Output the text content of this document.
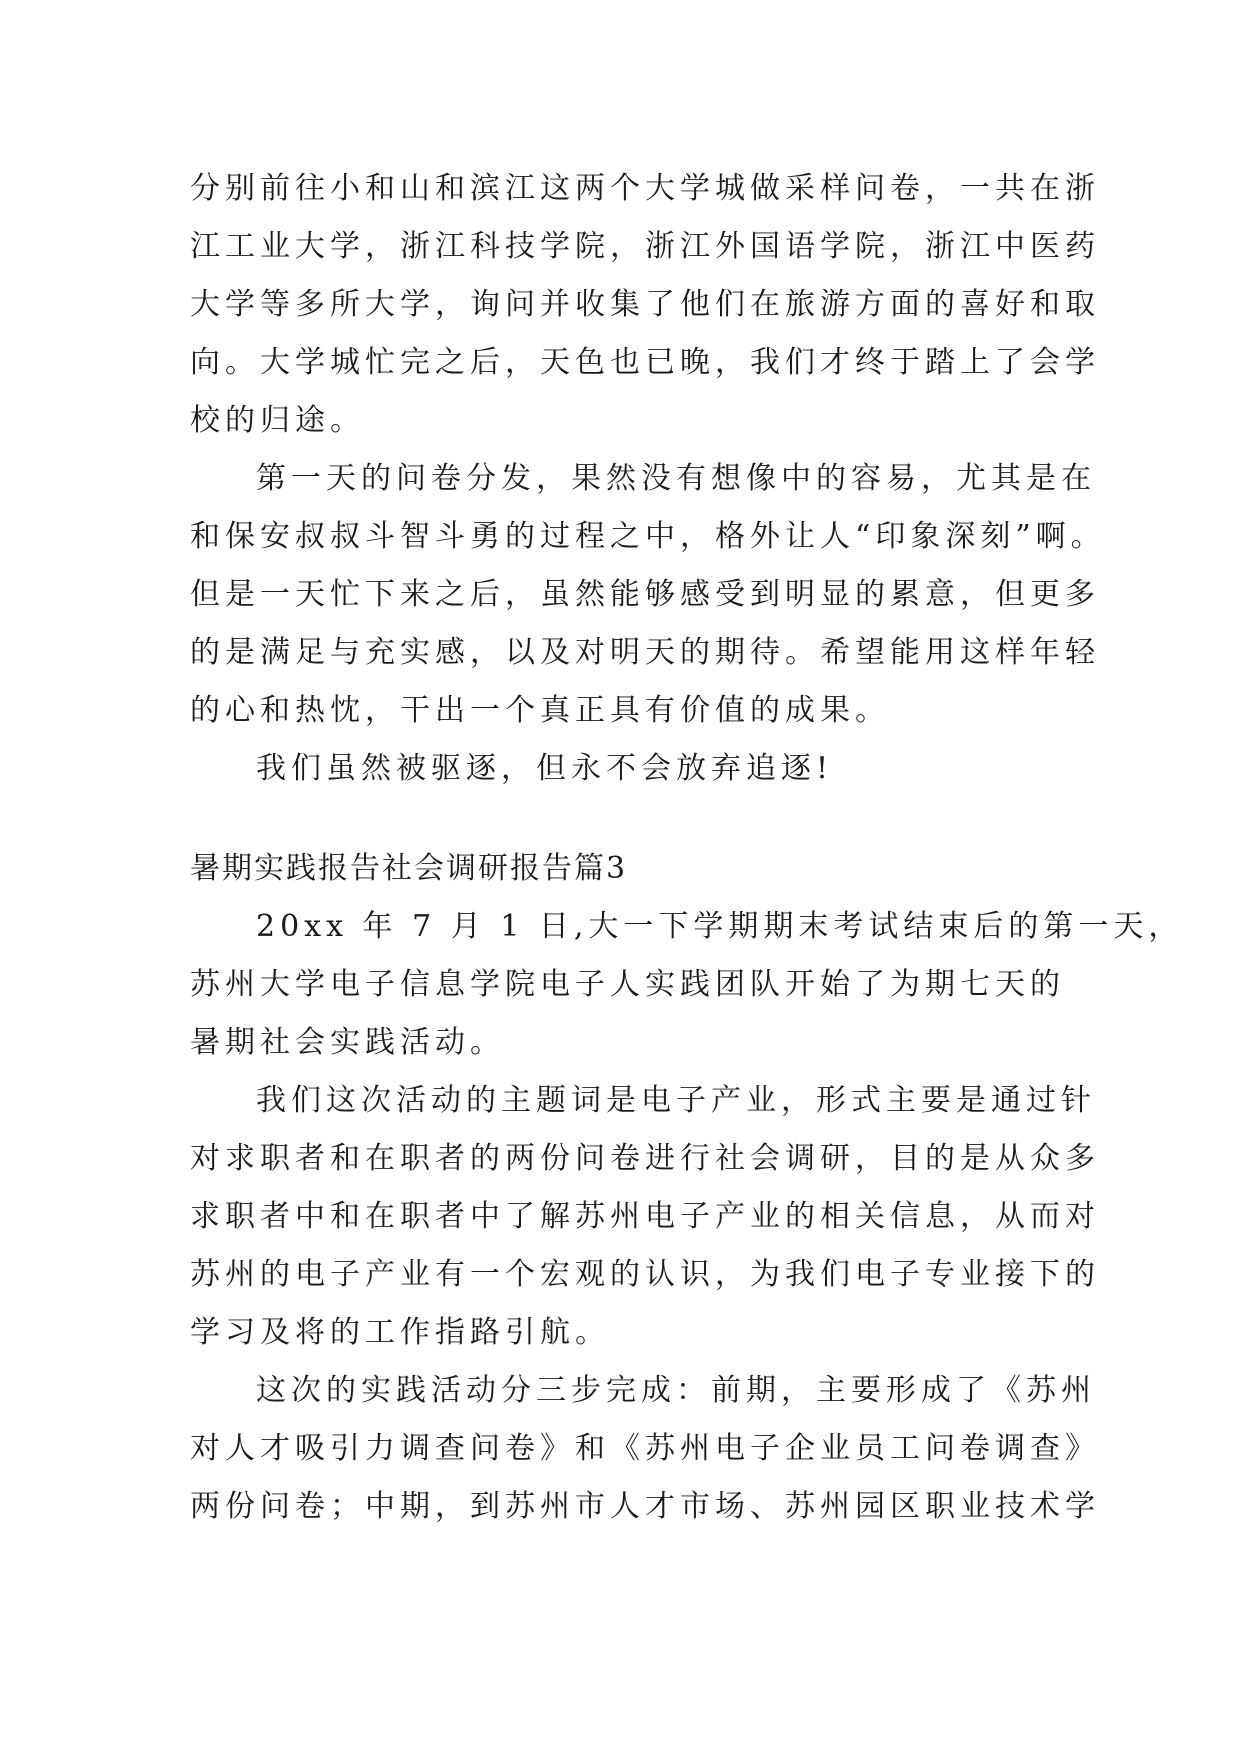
分别前往小和山和滨江这两个大学城做采样问卷，一共在浙
江工业大学，浙江科技学院，浙江外国语学院，浙江中医药
大学等多所大学，询问并收集了他们在旅游方面的喜好和取
向。大学城忙完之后，天色也已晚，我们才终于踏上了会学
校的归途。
第一天的问卷分发，果然没有想像中的容易，尤其是在
和保安叔叔斗智斗勇的过程之中，格外让人“印象深刻”啊。
但是一天忙下来之后，虽然能够感受到明显的累意，但更多
的是满足与充实感，以及对明天的期待。希望能用这样年轻
的心和热忱，干出一个真正具有价值的成果。
我们虽然被驱逐，但永不会放弃追逐!
暑期实践报告社会调研报告篇3
20xx 年 7 月 1 日,大一下学期期末考试结束后的第一天，
苏州大学电子信息学院电子人实践团队开始了为期七天的
暑期社会实践活动。
我们这次活动的主题词是电子产业，形式主要是通过针
对求职者和在职者的两份问卷进行社会调研，目的是从众多
求职者中和在职者中了解苏州电子产业的相关信息，从而对
苏州的电子产业有一个宏观的认识，为我们电子专业接下的
学习及将的工作指路引航。
这次的实践活动分三步完成：前期，主要形成了《苏州
对人才吸引力调查问卷》和《苏州电子企业员工问卷调查》
两份问卷；中期，到苏州市人才市场、苏州园区职业技术学
